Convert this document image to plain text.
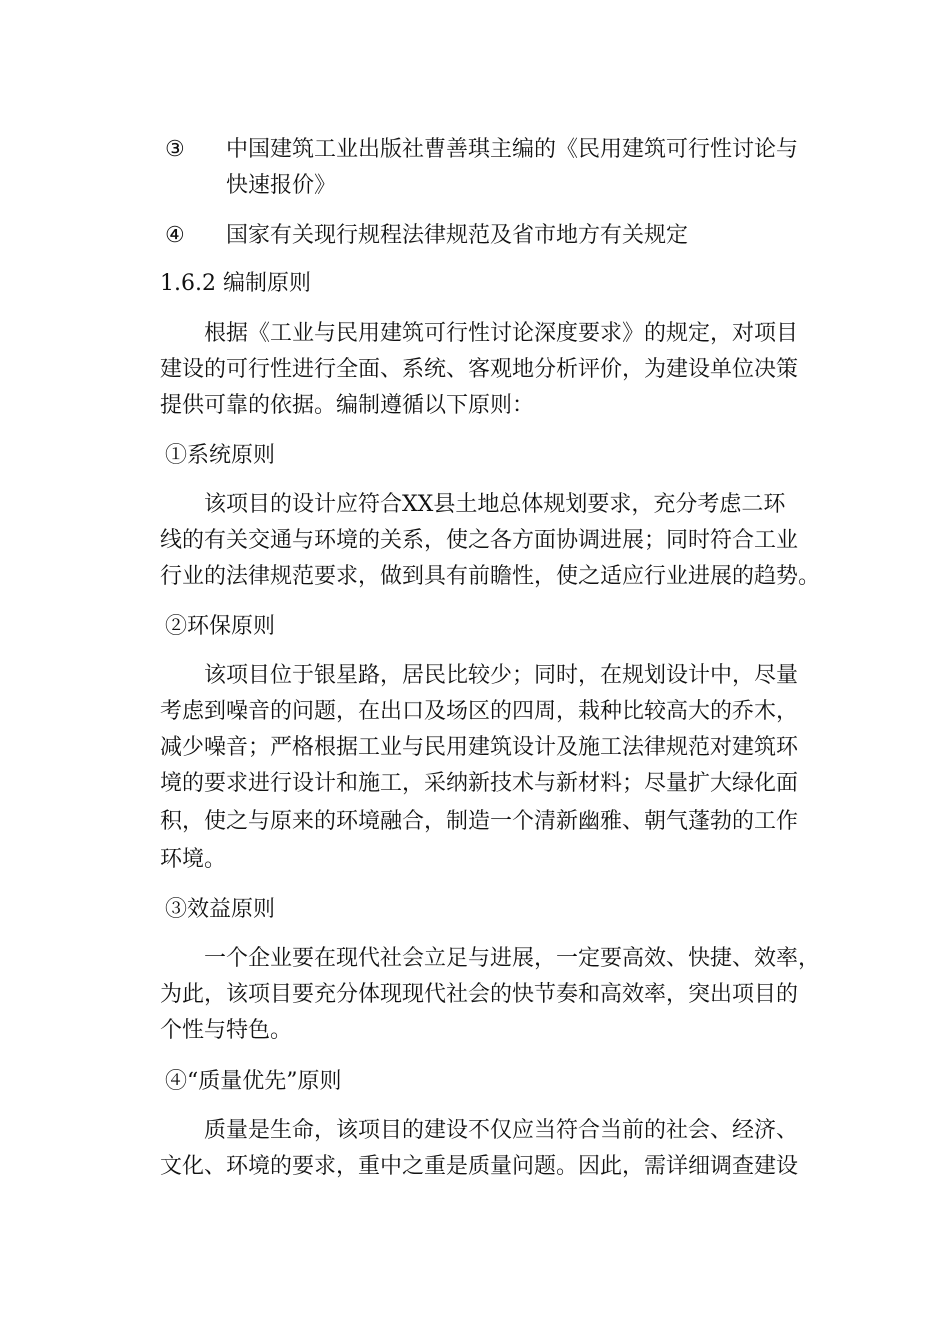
③ 中国建筑工业出版社曹善琪主编的《民用建筑可行性讨论与
快速报价》
④ 国家有关现行规程法律规范及省市地方有关规定
1.6.2 编制原则
根据《工业与民用建筑可行性讨论深度要求》的规定，对项目
建设的可行性进行全面、系统、客观地分析评价，为建设单位决策
提供可靠的依据。编制遵循以下原则：
①系统原则
该项目的设计应符合XX县土地总体规划要求，充分考虑二环
线的有关交通与环境的关系，使之各方面协调进展；同时符合工业
行业的法律规范要求，做到具有前瞻性，使之适应行业进展的趋势。
②环保原则
该项目位于银星路，居民比较少；同时，在规划设计中，尽量
考虑到噪音的问题，在出口及场区的四周，栽种比较高大的乔木，
减少噪音；严格根据工业与民用建筑设计及施工法律规范对建筑环
境的要求进行设计和施工，采纳新技术与新材料；尽量扩大绿化面
积，使之与原来的环境融合，制造一个清新幽雅、朝气蓬勃的工作
环境。
③效益原则
一个企业要在现代社会立足与进展，一定要高效、快捷、效率，
为此，该项目要充分体现现代社会的快节奏和高效率，突出项目的
个性与特色。
④“质量优先”原则
质量是生命，该项目的建设不仅应当符合当前的社会、经济、
文化、环境的要求，重中之重是质量问题。因此，需详细调查建设
